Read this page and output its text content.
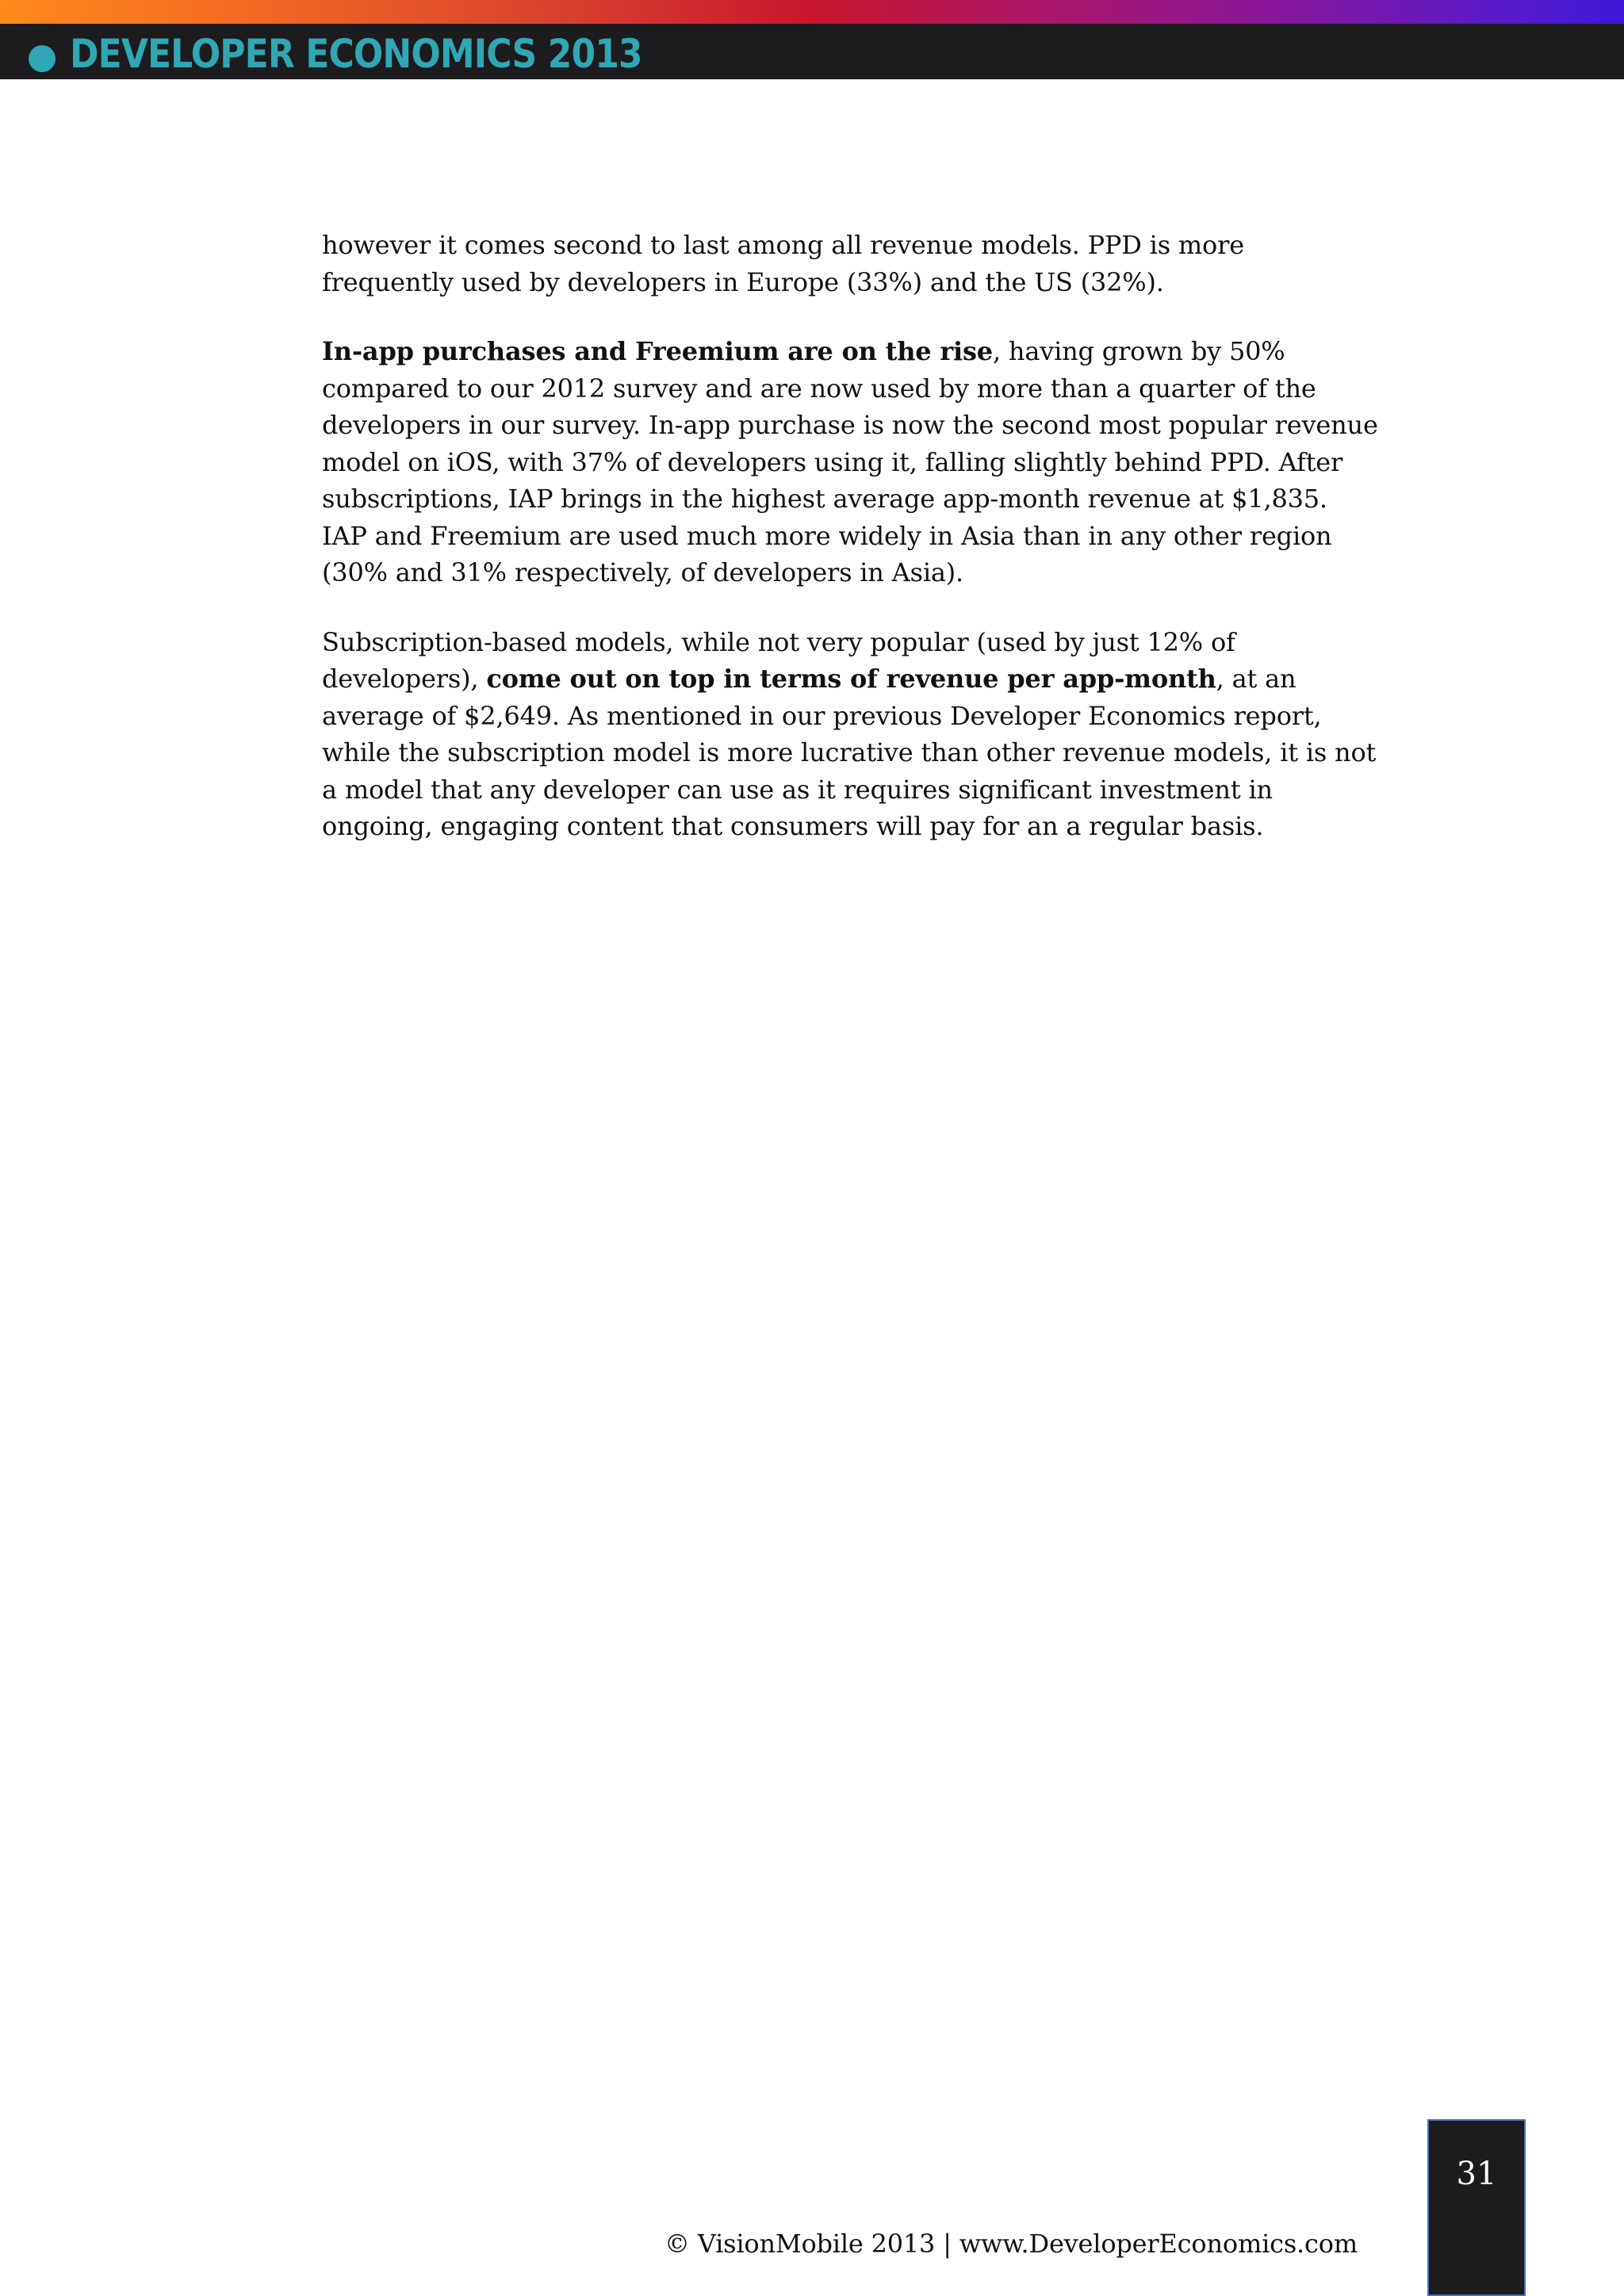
DEVELOPER ECONOMICS 2013

however it comes second to last among all revenue models. PPD is more frequently used by developers in Europe (33%) and the US (32%).

In-app purchases and Freemium are on the rise, having grown by 50% compared to our 2012 survey and are now used by more than a quarter of the developers in our survey. In-app purchase is now the second most popular revenue model on iOS, with 37% of developers using it, falling slightly behind PPD. After subscriptions, IAP brings in the highest average app-month revenue at $1,835. IAP and Freemium are used much more widely in Asia than in any other region (30% and 31% respectively, of developers in Asia).

Subscription-based models, while not very popular (used by just 12% of developers), come out on top in terms of revenue per app-month, at an average of $2,649. As mentioned in our previous Developer Economics report, while the subscription model is more lucrative than other revenue models, it is not a model that any developer can use as it requires significant investment in ongoing, engaging content that consumers will pay for an a regular basis.

© VisionMobile 2013 | www.DeveloperEconomics.com
31
